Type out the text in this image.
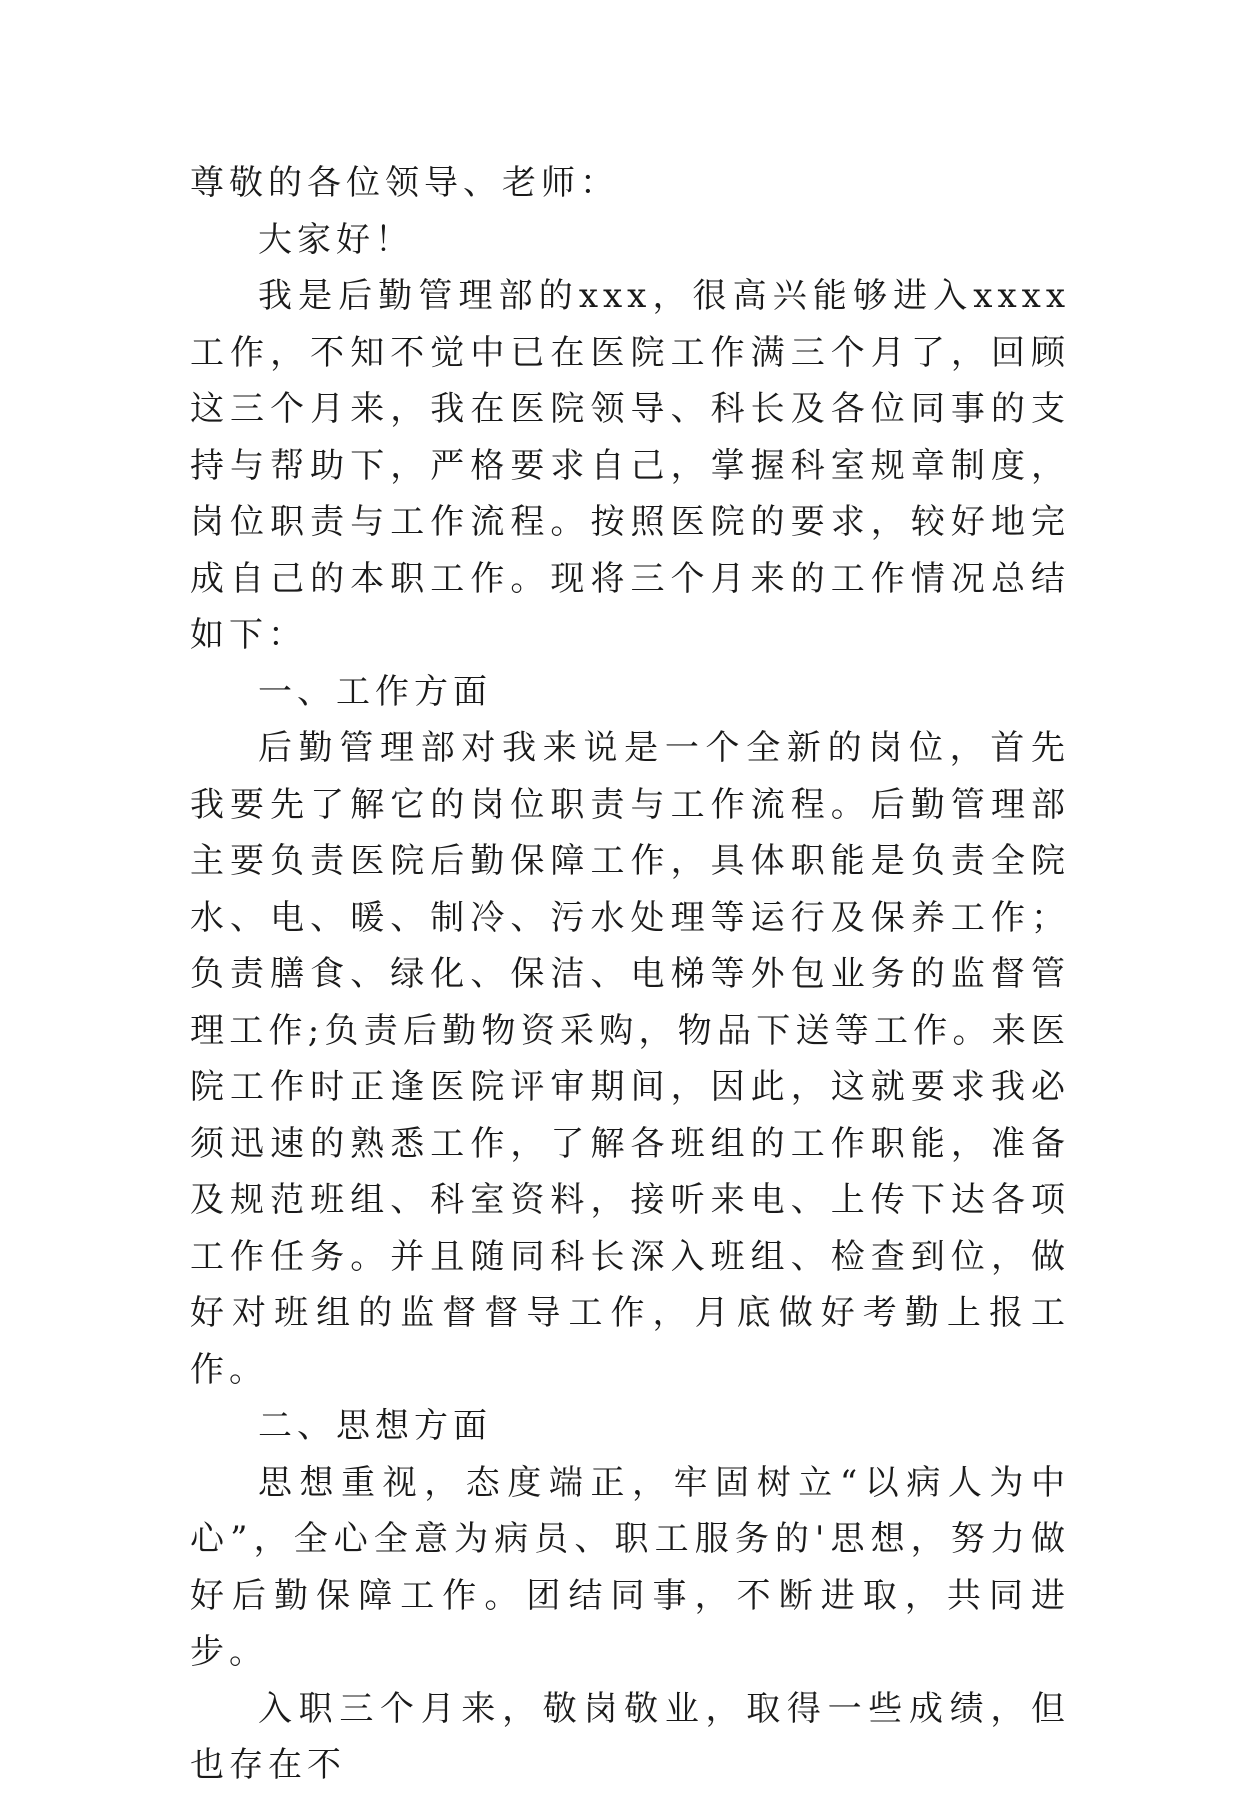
尊敬的各位领导、老师：

大家好！

我是后勤管理部的xxx，很高兴能够进入xxxx工作，不知不觉中已在医院工作满三个月了，回顾这三个月来，我在医院领导、科长及各位同事的支持与帮助下，严格要求自己，掌握科室规章制度，岗位职责与工作流程。按照医院的要求，较好地完成自己的本职工作。现将三个月来的工作情况总结如下：

一、工作方面

后勤管理部对我来说是一个全新的岗位，首先我要先了解它的岗位职责与工作流程。后勤管理部主要负责医院后勤保障工作，具体职能是负责全院水、电、暖、制冷、污水处理等运行及保养工作；负责膳食、绿化、保洁、电梯等外包业务的监督管理工作;负责后勤物资采购，物品下送等工作。来医院工作时正逢医院评审期间，因此，这就要求我必须迅速的熟悉工作，了解各班组的工作职能，准备及规范班组、科室资料，接听来电、上传下达各项工作任务。并且随同科长深入班组、检查到位，做好对班组的监督督导工作，月底做好考勤上报工作。

二、思想方面

思想重视，态度端正，牢固树立“以病人为中心”，全心全意为病员、职工服务的'思想，努力做好后勤保障工作。团结同事，不断进取，共同进步。

入职三个月来，敬岗敬业，取得一些成绩，但也存在不
